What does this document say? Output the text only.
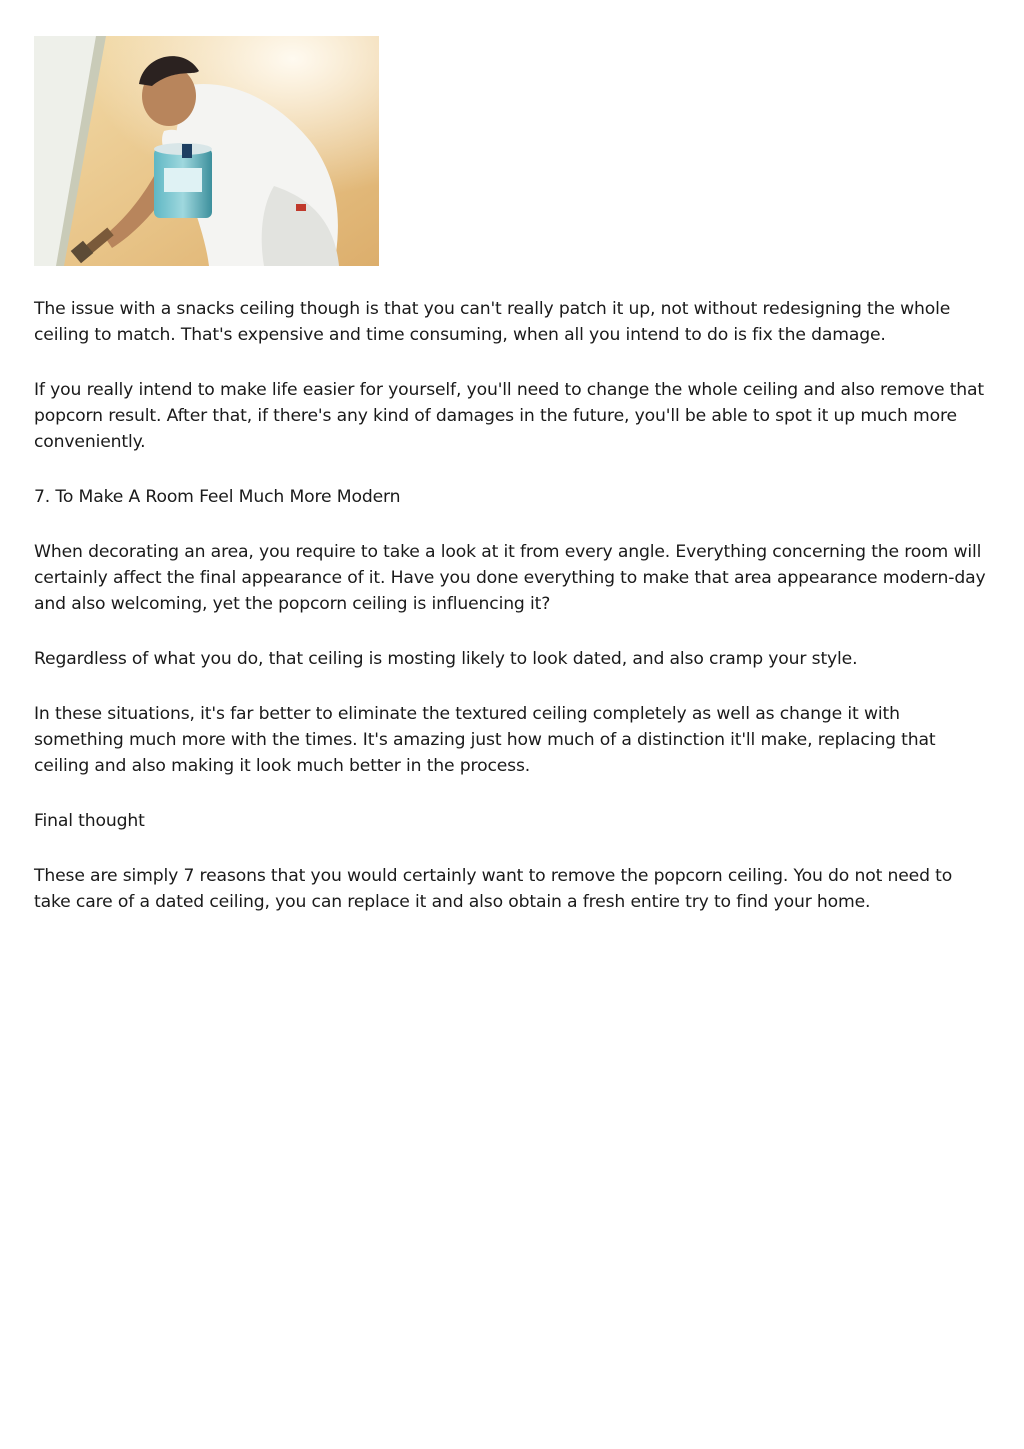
The issue with a snacks ceiling though is that you can't really patch it up, not without redesigning the whole ceiling to match. That's expensive and time consuming, when all you intend to do is fix the damage.

If you really intend to make life easier for yourself, you'll need to change the whole ceiling and also remove that popcorn result. After that, if there's any kind of damages in the future, you'll be able to spot it up much more conveniently.

7. To Make A Room Feel Much More Modern

When decorating an area, you require to take a look at it from every angle. Everything concerning the room will certainly affect the final appearance of it. Have you done everything to make that area appearance modern-day and also welcoming, yet the popcorn ceiling is influencing it?

Regardless of what you do, that ceiling is mosting likely to look dated, and also cramp your style.

In these situations, it's far better to eliminate the textured ceiling completely as well as change it with something much more with the times. It's amazing just how much of a distinction it'll make, replacing that ceiling and also making it look much better in the process.

Final thought

These are simply 7 reasons that you would certainly want to remove the popcorn ceiling. You do not need to take care of a dated ceiling, you can replace it and also obtain a fresh entire try to find your home.
